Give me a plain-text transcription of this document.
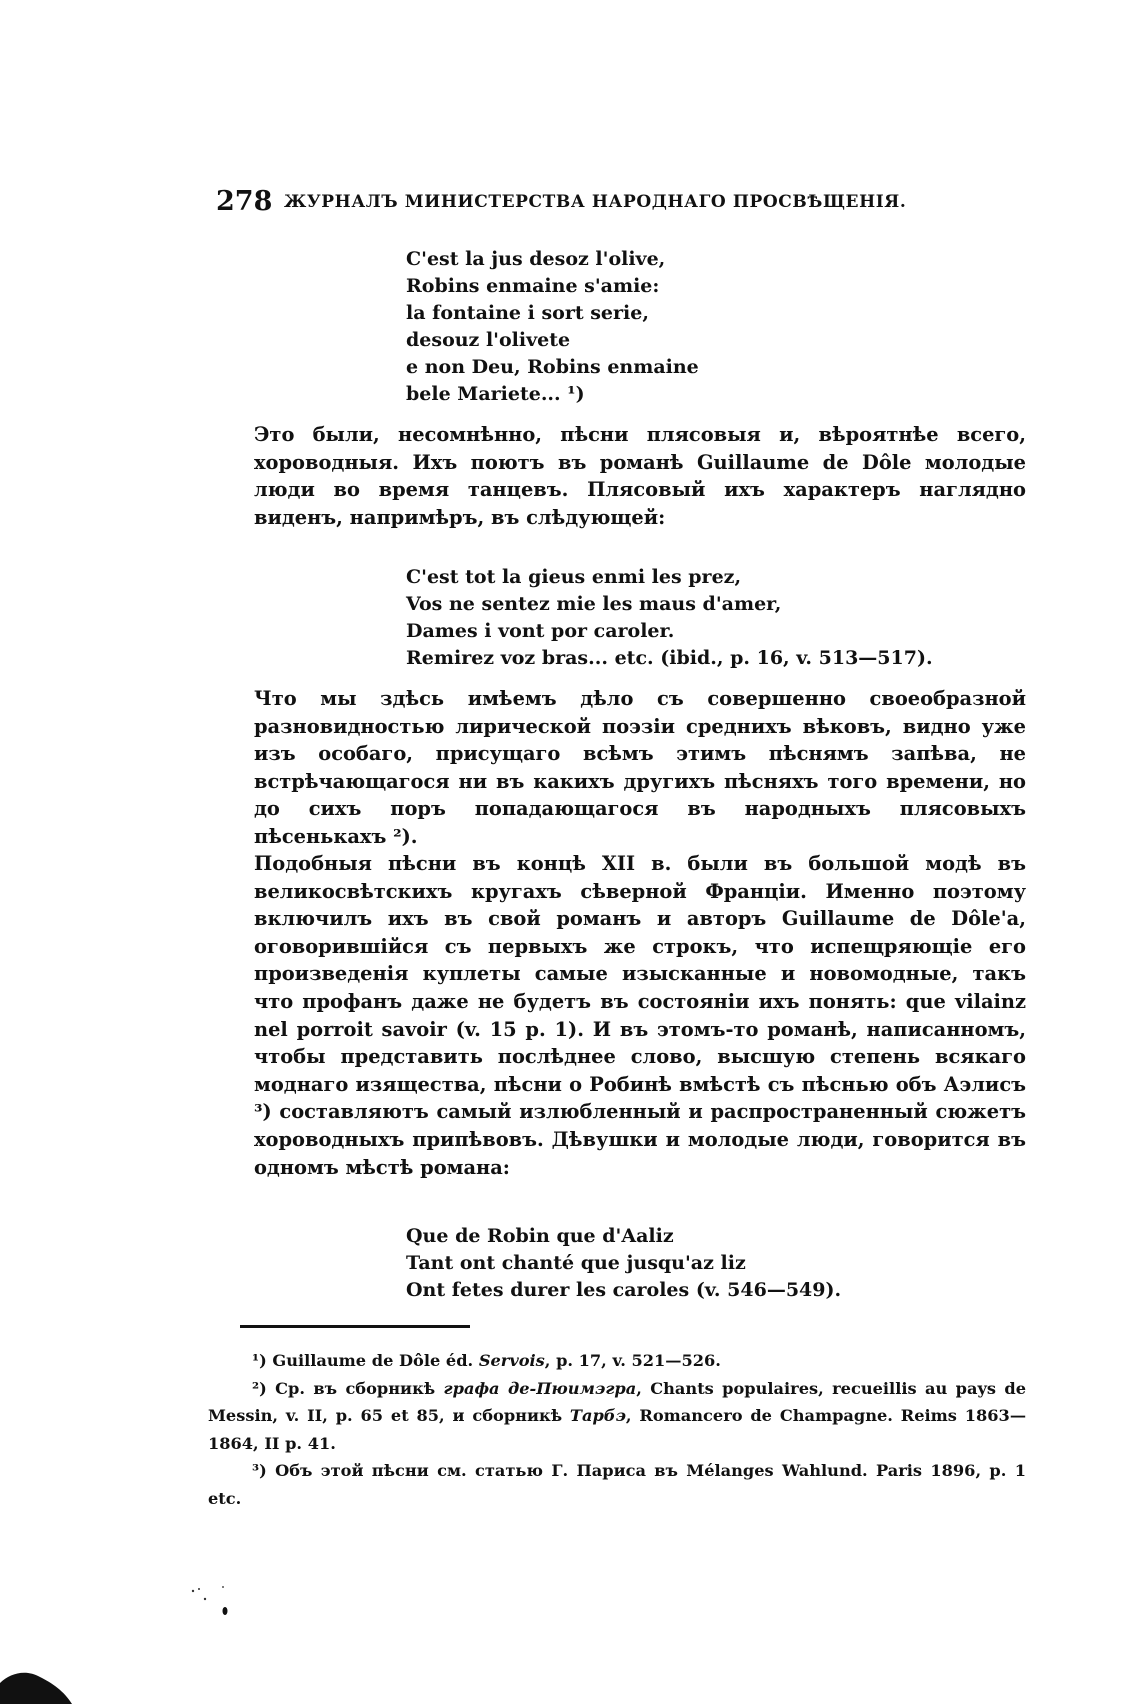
278 ЖУРНАЛЪ МИНИСТЕРСТВА НАРОДНАГО ПРОСВѢЩЕНІЯ.
C'est la jus desoz l'olive,
Robins enmaine s'amie:
la fontaine i sort serie,
desouz l'olivete
e non Deu, Robins enmaine
bele Mariete... ¹)
Это были, несомнѣнно, пѣсни плясовыя и, вѣроятнѣе всего, хороводныя. Ихъ поютъ въ романѣ Guillaume de Dôle молодые люди во время танцевъ. Плясовый ихъ характеръ наглядно виденъ, напримѣръ, въ слѣдующей:
C'est tot la gieus enmi les prez,
Vos ne sentez mie les maus d'amer,
Dames i vont por caroler.
Remirez voz bras... etc. (ibid., p. 16, v. 513—517).
Что мы здѣсь имѣемъ дѣло съ совершенно своеобразной разновидностью лирической поэзіи среднихъ вѣковъ, видно уже изъ особаго, присущаго всѣмъ этимъ пѣснямъ запѣва, не встрѣчающагося ни въ какихъ другихъ пѣсняхъ того времени, но до сихъ поръ попадающагося въ народныхъ плясовыхъ пѣсенькахъ ²).
Подобныя пѣсни въ концѣ XII в. были въ большой модѣ въ великосвѣтскихъ кругахъ сѣверной Франціи. Именно поэтому включилъ ихъ въ свой романъ и авторъ Guillaume de Dôle'a, оговорившійся съ первыхъ же строкъ, что испещряющіе его произведенія куплеты самые изысканные и новомодные, такъ что профанъ даже не будетъ въ состояніи ихъ понять: que vilainz nel porroit savoir (v. 15 p. 1). И въ этомъ-то романѣ, написанномъ, чтобы представить послѣднее слово, высшую степень всякаго моднаго изящества, пѣсни о Робинѣ вмѣстѣ съ пѣснью объ Аэлисъ ³) составляютъ самый излюбленный и распространенный сюжетъ хороводныхъ припѣвовъ. Дѣвушки и молодые люди, говорится въ одномъ мѣстѣ романа:
Que de Robin que d'Aaliz
Tant ont chanté que jusqu'az liz
Ont fetes durer les caroles (v. 546—549).
¹) Guillaume de Dôle éd. Servois, p. 17, v. 521—526.
²) Ср. въ сборникѣ графа де-Пюимэгра, Chants populaires, recueillis au pays de Messin, v. II, p. 65 et 85, и сборникѣ Тарбэ, Romancero de Champagne. Reims 1863—1864, II p. 41.
³) Объ этой пѣсни см. статью Г. Париса въ Mélanges Wahlund. Paris 1896, p. 1 etc.
